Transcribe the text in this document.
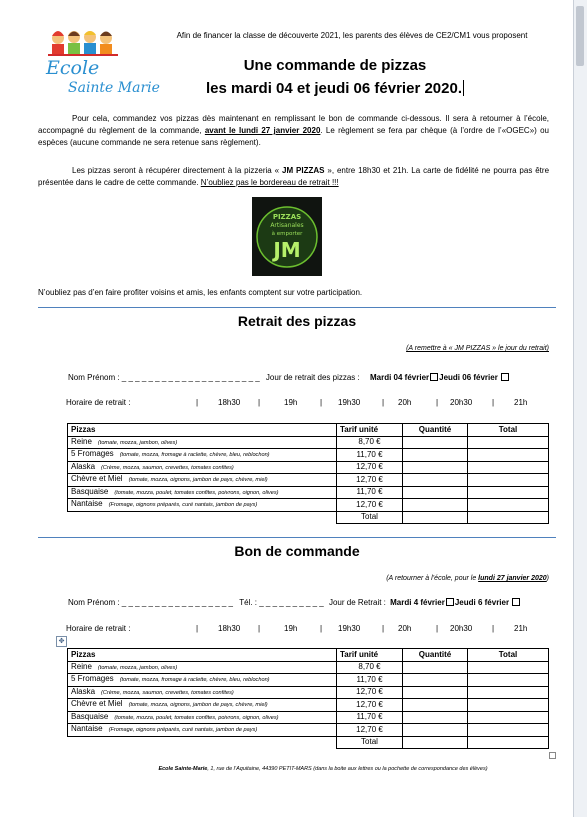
Ecole
Sainte Marie
Afin de financer la classe de découverte 2021, les parents des élèves de CE2/CM1 vous proposent
Une commande de pizzas
les mardi 04 et jeudi 06 février 2020.
Pour cela, commandez vos pizzas dès maintenant en remplissant le bon de commande ci-dessous. Il sera à retourner à l’école, accompagné du règlement de la commande, avant le lundi 27 janvier 2020. Le règlement se fera par chèque (à l’ordre de l’«OGEC») ou espèces (aucune commande ne sera retenue sans règlement).
Les pizzas seront à récupérer directement à la pizzeria « JM PIZZAS », entre 18h30 et 21h. La carte de fidélité ne pourra pas être présentée dans le cadre de cette commande. N’oubliez pas le bordereau de retrait !!!
PIZZAS
Artisanales
à emporter
JM
N’oubliez pas d’en faire profiter voisins et amis, les enfants comptent sur votre participation.
Retrait des pizzas
(A remettre à « JM PIZZAS » le jour du retrait)
Nom Prénom : _ _ _ _ _ _ _ _ _ _ _ _ _ _ _ _ _ _ _ _ _ Jour de retrait des pizzas : Mardi 04 février Jeudi 06 février
Horaire de retrait :	| 18h30 |	19h	| 19h30	| 20h	| 20h30 | 21h
Pizzas	Tarif unité	Quantité	Total
Reine (tomate, mozza, jambon, olives)	8,70 €		
5 Fromages (tomate, mozza, fromage à raclette, chèvre, bleu, reblochon)	11,70 €		
Alaska (Crème, mozza, saumon, crevettes, tomates confites)	12,70 €		
Chèvre et Miel (tomate, mozza, oignons, jambon de pays, chèvre, miel)	12,70 €		
Basquaise (tomate, mozza, poulet, tomates confites, poivrons, oignon, olives)	11,70 €		
Nantaise (Fromage, oignons préparés, curé nantais, jambon de pays)	12,70 €		
	Total		
Bon de commande
(A retourner à l’école, pour le lundi 27 janvier 2020)
Nom Prénom : _ _ _ _ _ _ _ _ _ _ _ _ _ _ _ _ _ Tél. : _ _ _ _ _ _ _ _ _ _ Jour de Retrait : Mardi 4 février Jeudi 6 février
Horaire de retrait :	| 18h30 |	19h	| 19h30	| 20h	| 20h30 | 21h
✥
Pizzas	Tarif unité	Quantité	Total
Reine (tomate, mozza, jambon, olives)	8,70 €		
5 Fromages (tomate, mozza, fromage à raclette, chèvre, bleu, reblochon)	11,70 €		
Alaska (Crème, mozza, saumon, crevettes, tomates confites)	12,70 €		
Chèvre et Miel (tomate, mozza, oignons, jambon de pays, chèvre, miel)	12,70 €		
Basquaise (tomate, mozza, poulet, tomates confites, poivrons, oignon, olives)	11,70 €		
Nantaise (Fromage, oignons préparés, curé nantais, jambon de pays)	12,70 €		
	Total		
Ecole Sainte-Marie, 1, rue de l’Aquitaine, 44390 PETIT-MARS (dans la boite aux lettres ou la pochette de correspondance des élèves)
